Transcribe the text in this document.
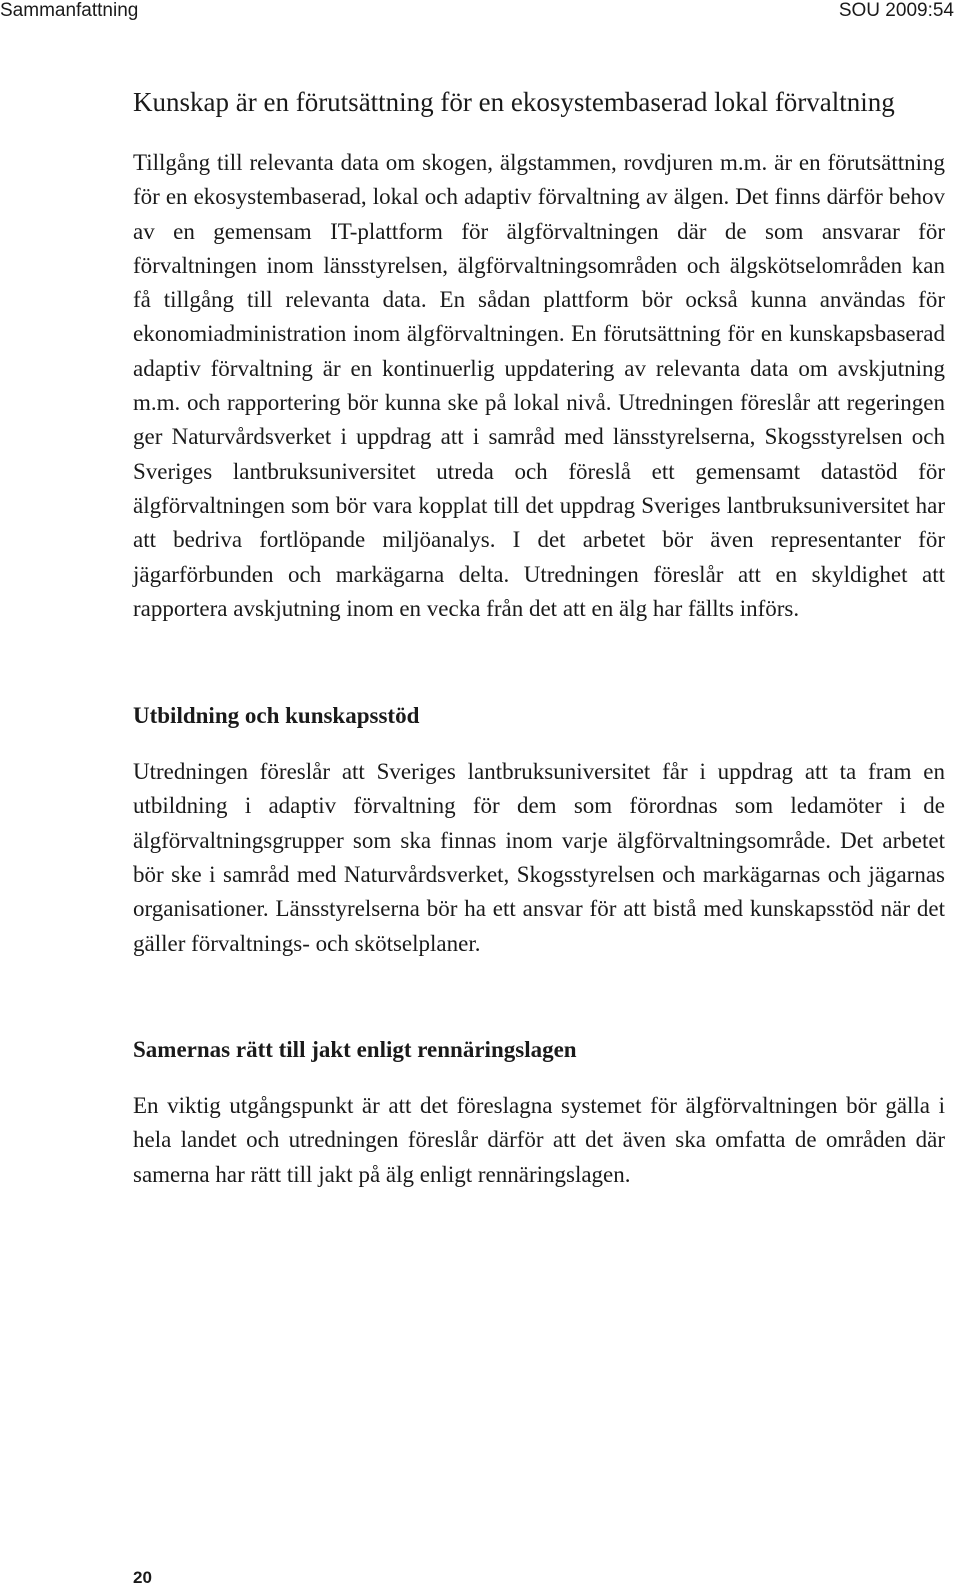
Sammanfattning	SOU 2009:54
Kunskap är en förutsättning för en ekosystembaserad lokal förvaltning

Tillgång till relevanta data om skogen, älgstammen, rovdjuren m.m. är en förutsättning för en ekosystembaserad, lokal och adaptiv förvaltning av älgen. Det finns därför behov av en gemensam IT-plattform för älgförvaltningen där de som ansvarar för förvaltningen inom länsstyrelsen, älgförvaltningsområden och älgskötselområden kan få tillgång till relevanta data. En sådan plattform bör också kunna användas för ekonomiadministration inom älgförvaltningen. En förutsättning för en kunskapsbaserad adaptiv förvaltning är en kontinuerlig uppdatering av relevanta data om avskjutning m.m. och rapportering bör kunna ske på lokal nivå. Utredningen föreslår att regeringen ger Naturvårdsverket i uppdrag att i samråd med länsstyrelserna, Skogsstyrelsen och Sveriges lantbruksuniversitet utreda och föreslå ett gemensamt datastöd för älgförvaltningen som bör vara kopplat till det uppdrag Sveriges lantbruksuniversitet har att bedriva fortlöpande miljöanalys. I det arbetet bör även representanter för jägarförbunden och markägarna delta. Utredningen föreslår att en skyldighet att rapportera avskjutning inom en vecka från det att en älg har fällts införs.

Utbildning och kunskapsstöd

Utredningen föreslår att Sveriges lantbruksuniversitet får i uppdrag att ta fram en utbildning i adaptiv förvaltning för dem som förordnas som ledamöter i de älgförvaltningsgrupper som ska finnas inom varje älgförvaltningsområde. Det arbetet bör ske i samråd med Naturvårdsverket, Skogsstyrelsen och markägarnas och jägarnas organisationer. Länsstyrelserna bör ha ett ansvar för att bistå med kunskapsstöd när det gäller förvaltnings- och skötselplaner.

Samernas rätt till jakt enligt rennäringslagen

En viktig utgångspunkt är att det föreslagna systemet för älgförvaltningen bör gälla i hela landet och utredningen föreslår därför att det även ska omfatta de områden där samerna har rätt till jakt på älg enligt rennäringslagen.

20
